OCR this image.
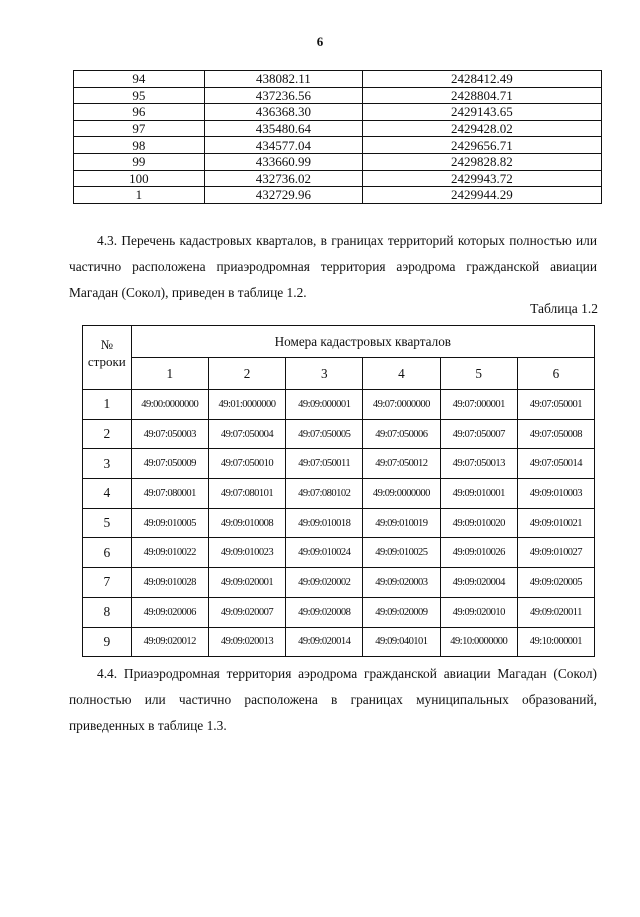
6
94	438082.11	2428412.49
95	437236.56	2428804.71
96	436368.30	2429143.65
97	435480.64	2429428.02
98	434577.04	2429656.71
99	433660.99	2429828.82
100	432736.02	2429943.72
1	432729.96	2429944.29

4.3. Перечень кадастровых кварталов, в границах территорий которых полностью или частично расположена приаэродромная территория аэродрома гражданской авиации Магадан (Сокол), приведен в таблице 1.2.

Таблица 1.2
№ строки	Номера кадастровых кварталов					
	1	2	3	4	5	6
1	49:00:0000000	49:01:0000000	49:09:000001	49:07:0000000	49:07:000001	49:07:050001
2	49:07:050003	49:07:050004	49:07:050005	49:07:050006	49:07:050007	49:07:050008
3	49:07:050009	49:07:050010	49:07:050011	49:07:050012	49:07:050013	49:07:050014
4	49:07:080001	49:07:080101	49:07:080102	49:09:0000000	49:09:010001	49:09:010003
5	49:09:010005	49:09:010008	49:09:010018	49:09:010019	49:09:010020	49:09:010021
6	49:09:010022	49:09:010023	49:09:010024	49:09:010025	49:09:010026	49:09:010027
7	49:09:010028	49:09:020001	49:09:020002	49:09:020003	49:09:020004	49:09:020005
8	49:09:020006	49:09:020007	49:09:020008	49:09:020009	49:09:020010	49:09:020011
9	49:09:020012	49:09:020013	49:09:020014	49:09:040101	49:10:0000000	49:10:000001

4.4. Приаэродромная территория аэродрома гражданской авиации Магадан (Сокол) полностью или частично расположена в границах муниципальных образований, приведенных в таблице 1.3.
